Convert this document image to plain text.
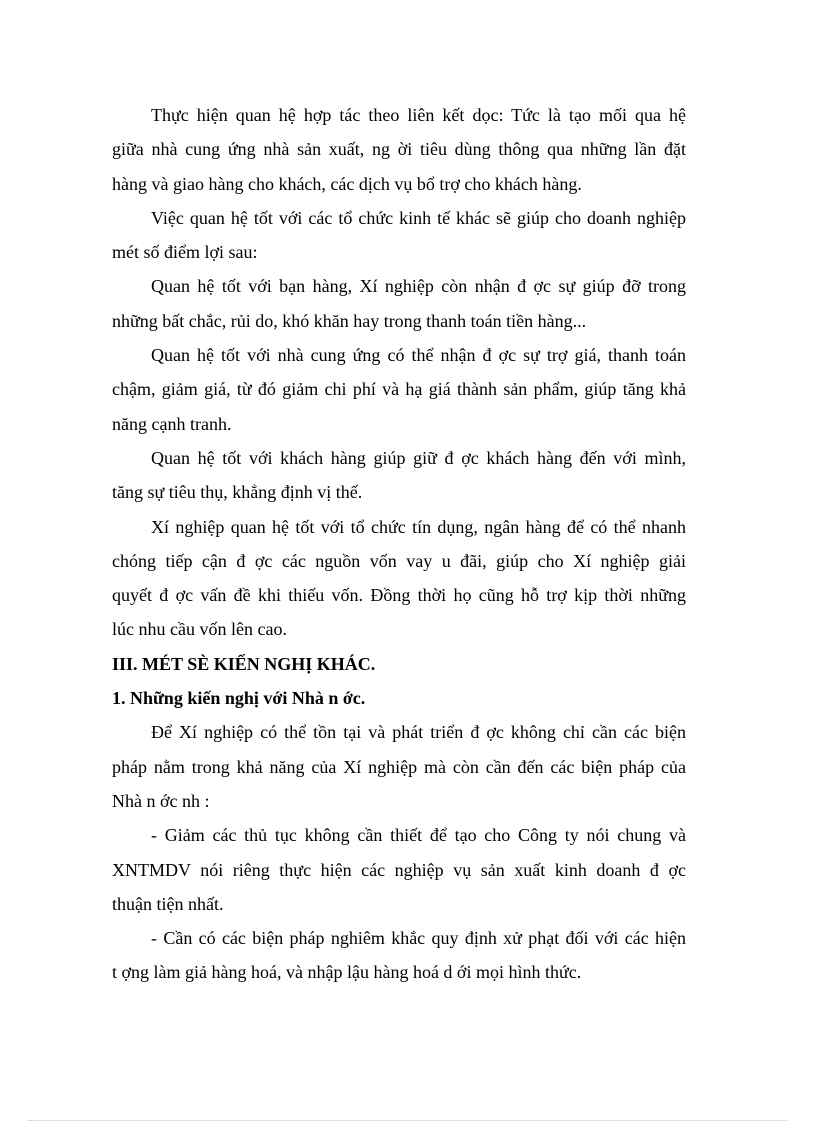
Thực hiện quan hệ hợp tác theo liên kết dọc: Tức là tạo mối qua hệ
giữa nhà cung ứng nhà sản xuất, ng ời tiêu dùng thông qua những lần đặt
hàng và giao hàng cho khách, các dịch vụ bổ trợ cho khách hàng.
Việc quan hệ tốt với các tổ chức kinh tế khác sẽ giúp cho doanh nghiệp
mét số điểm lợi sau:
Quan hệ tốt với bạn hàng, Xí nghiệp còn nhận đ ợc sự giúp đỡ trong
những bất chắc, rủi do, khó khăn hay trong thanh toán tiền hàng...
Quan hệ tốt với nhà cung ứng có thể nhận đ ợc sự trợ giá, thanh toán
chậm, giảm giá, từ đó giảm chi phí và hạ giá thành sản phẩm, giúp tăng khả
năng cạnh tranh.
Quan hệ tốt với khách hàng giúp giữ đ ợc khách hàng đến với mình,
tăng sự tiêu thụ, khẳng định vị thế.
Xí nghiệp quan hệ tốt với tổ chức tín dụng, ngân hàng để có thể nhanh
chóng tiếp cận đ ợc các nguồn vốn vay u đãi, giúp cho Xí nghiệp giải
quyết đ ợc vấn đề khi thiếu vốn. Đồng thời họ cũng hỗ trợ kịp thời những
lúc nhu cầu vốn lên cao.
III. MÉT SÈ KIẾN NGHỊ KHÁC.
1. Những kiến nghị với Nhà n ớc.
Để Xí nghiệp có thể tồn tại và phát triển đ ợc không chỉ cần các biện
pháp nằm trong khả năng của Xí nghiệp mà còn cần đến các biện pháp của
Nhà n ớc nh :
- Giảm các thủ tục không cần thiết để tạo cho Công ty nói chung và
XNTMDV nói riêng thực hiện các nghiệp vụ sản xuất kinh doanh đ ợc
thuận tiện nhất.
- Cần có các biện pháp nghiêm khắc quy định xử phạt đối với các hiện
t ợng làm giả hàng hoá, và nhập lậu hàng hoá d ới mọi hình thức.
